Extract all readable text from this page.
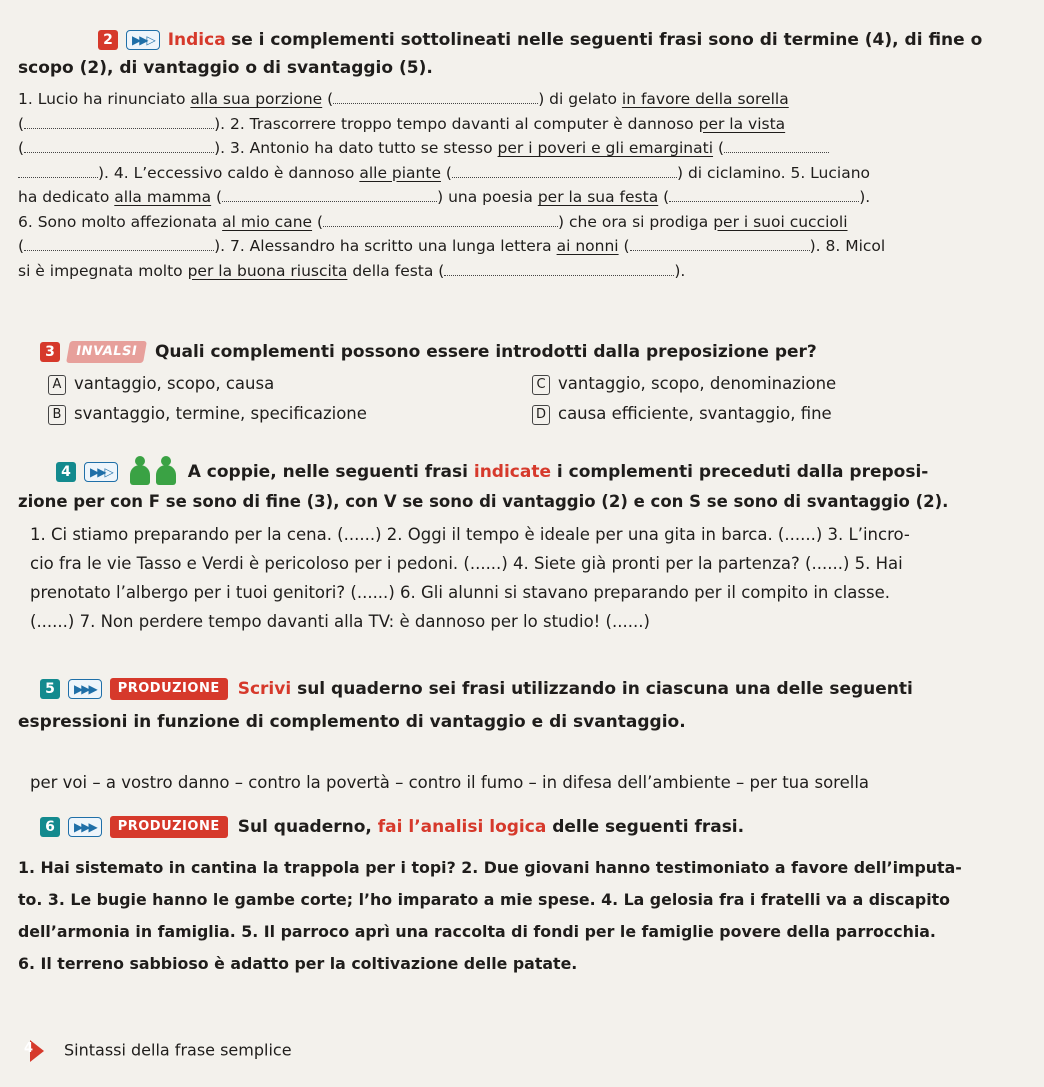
2 ▶▶▷ Indica se i complementi sottolineati nelle seguenti frasi sono di termine (4), di fine o
scopo (2), di vantaggio o di svantaggio (5).
1. Lucio ha rinunciato alla sua porzione (	) di gelato in favore della sorella
(	). 2. Trascorrere troppo tempo davanti al computer è dannoso per la vista
(	). 3. Antonio ha dato tutto se stesso per i poveri e gli emarginati (
). 4. L’eccessivo caldo è dannoso alle piante (	) di ciclamino. 5. Luciano
ha dedicato alla mamma (	) una poesia per la sua festa (	).
6. Sono molto affezionata al mio cane (	) che ora si prodiga per i suoi cuccioli
(	). 7. Alessandro ha scritto una lunga lettera ai nonni (	). 8. Micol
si è impegnata molto per la buona riuscita della festa (	).
3 INVALSI Quali complementi possono essere introdotti dalla preposizione per?
A vantaggio, scopo, causa
B svantaggio, termine, specificazione
C vantaggio, scopo, denominazione
D causa efficiente, svantaggio, fine
4 ▶▶▷	A coppie, nelle seguenti frasi indicate i complementi preceduti dalla preposi-
zione per con F se sono di fine (3), con V se sono di vantaggio (2) e con S se sono di svantaggio (2).
1. Ci stiamo preparando per la cena. (......) 2. Oggi il tempo è ideale per una gita in barca. (......) 3. L’incro-
cio fra le vie Tasso e Verdi è pericoloso per i pedoni. (......) 4. Siete già pronti per la partenza? (......) 5. Hai
prenotato l’albergo per i tuoi genitori? (......) 6. Gli alunni si stavano preparando per il compito in classe.
(......) 7. Non perdere tempo davanti alla TV: è dannoso per lo studio! (......)
5 ▶▶▶ PRODUZIONE Scrivi sul quaderno sei frasi utilizzando in ciascuna una delle seguenti
espressioni in funzione di complemento di vantaggio e di svantaggio.
per voi – a vostro danno – contro la povertà – contro il fumo – in difesa dell’ambiente – per tua sorella
6 ▶▶▶ PRODUZIONE Sul quaderno, fai l’analisi logica delle seguenti frasi.
1. Hai sistemato in cantina la trappola per i topi? 2. Due giovani hanno testimoniato a favore dell’imputa-
to. 3. Le bugie hanno le gambe corte; l’ho imparato a mie spese. 4. La gelosia fra i fratelli va a discapito
dell’armonia in famiglia. 5. Il parroco aprì una raccolta di fondi per le famiglie povere della parrocchia.
6. Il terreno sabbioso è adatto per la coltivazione delle patate.
4 Sintassi della frase semplice
